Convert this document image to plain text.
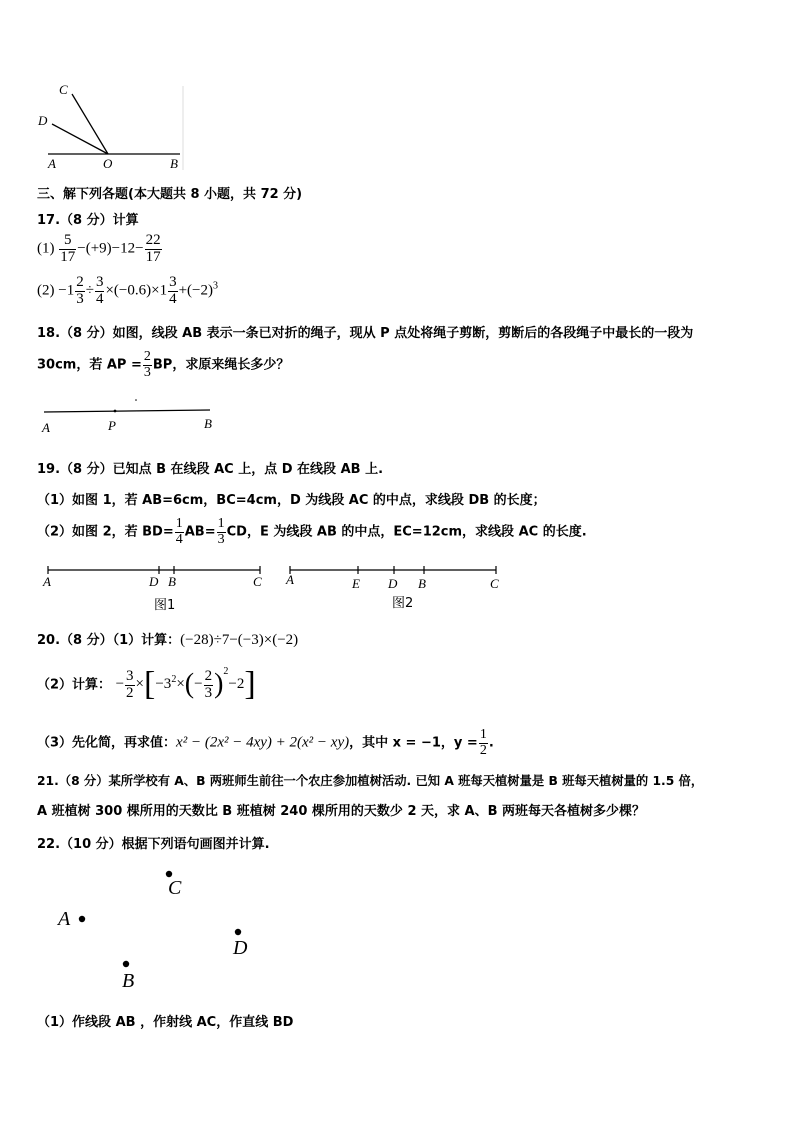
C
D
A	O	B
三、解下列各题(本大题共 8 小题，共 72 分)
17.（8 分）计算
$(1) \frac{5}{17} -(+9)-12- \frac{22}{17}$
$(2) -1 \frac{2}{3} \div \frac{3}{4} \times(-0.6)\times 1 \frac{3}{4} +(-2)^3$
18.（8 分）如图，线段 AB 表示一条已对折的绳子，现从 P 点处将绳子剪断，剪断后的各段绳子中最长的一段为
30cm，若 AP = $\frac{2}{3}$ BP，求原来绳长多少？
A	P	B
19.（8 分）已知点 B 在线段 AC 上，点 D 在线段 AB 上.
（1）如图 1，若 AB=6cm，BC=4cm，D 为线段 AC 的中点，求线段 DB 的长度；
（2）如图 2，若 $BD= \frac{1}{4} AB= \frac{1}{3}$ CD，E 为线段 AB 的中点，EC=12cm，求线段 AC 的长度.
A	D B	C
图1
A	E D B	C
图2
20.（8 分）（1）计算：(−28)÷7−(−3)×(−2)
（2）计算： − $\frac{3}{2} \times[-3^2\times(- \frac{2}{3} )^2-2]$
（3）先化简，再求值：x² − (2x² − 4xy) + 2(x² − xy)，其中 x = −1，$y = \frac{1}{2}$ .
21.（8 分）某所学校有 A、B 两班师生前往一个农庄参加植树活动. 已知 A 班每天植树量是 B 班每天植树量的 1.5 倍，
A 班植树 300 棵所用的天数比 B 班植树 240 棵所用的天数少 2 天，求 A、B 两班每天各植树多少棵？
22.（10 分）根据下列语句画图并计算.
C
A
D
B
（1）作线段 AB ，作射线 AC，作直线 BD
